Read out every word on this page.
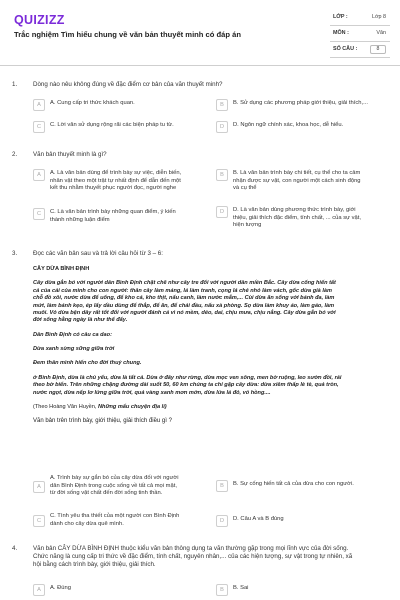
QUIZIZZ
Trắc nghiệm Tìm hiểu chung về văn bản thuyết minh có đáp án
LỚP :	Lớp 8
MÔN :	Văn
SỐ CÂU :	8
1.	Dòng nào nêu không đúng về đặc điểm cơ bản của văn thuyết minh?
A	A. Cung cấp tri thức khách quan.	B	B. Sử dụng các phương pháp giới thiệu, giải thích,...
C	C. Lời văn sử dụng rộng rãi các biện pháp tu từ.	D	D. Ngôn ngữ chính xác, khoa học, dễ hiểu.
2.	Văn bản thuyết minh là gì?
A	A. Là văn bản dùng để trình bày sự việc, diễn biến,
nhân vật theo một trật tự nhất định để dẫn đến một
kết thu nhằm thuyết phục người đọc, người nghe
B	B. Là văn bản trình bày chi tiết, cụ thể cho ta cảm
nhận được sự vật, con người một cách sinh động
và cụ thể
C	C. Là văn bản trình bày những quan điểm, ý kiến
thành những luận điểm
D	D. Là văn bản dùng phương thức trình bày, giới
thiệu, giải thích đặc điểm, tính chất, ... của sự vật,
hiện tượng
3.	Đọc các văn bản sau và trả lời câu hỏi từ 3 – 6:
CÂY DỪA BÌNH ĐỊNH
Cây dừa gắn bó với người dân Bình Định chặt chẽ như cây tre đối với người dân miền Bắc. Cây dừa cống hiến tất
cả của cải của mình cho con người: thân cây làm máng, lá làm tranh, cọng lá chẻ nhỏ làm vách, gốc dừa già làm
chỗ đồ xôi, nước dừa để uống, để kho cá, kho thịt, nấu canh, làm nước mắm,... Cùi dừa ăn sống với bánh đa, làm
mứt, làm bánh kẹo, ép lấy dầu dùng để thắp, để ăn, để chải đầu, nấu xà phòng. Sọ dừa làm khuy áo, làm gáo, làm
muôi. Vỏ dừa bện dây rất tốt đối với người đánh cá vì nó mềm, dẻo, dai, chịu mưa, chịu nắng. Cây dừa gắn bó với
đời sống hằng ngày là như thế đấy.
Dân Bình Định có câu ca dao:
Dừa xanh sừng sững giữa trời
Đem thân mình hiến cho đời thuỷ chung.
ở Bình Định, dừa là chủ yếu, dừa là tất cả. Dừa ở đây như rừng, dừa mọc ven sông, men bờ ruộng, leo sườn đồi, rải
theo bờ biển. Trên những chặng đường dài suốt 50, 60 km chúng ta chỉ gặp cây dừa: dừa xiêm thấp lè tè, quả tròn,
nước ngọt, dừa nếp lơ lửng giữa trời, quả vàng xanh mơn mởn, dừa lửa lá đỏ, vỏ hồng....
(Theo Hoàng Văn Huyền, Những mẩu chuyện địa lí)
Văn bản trên trình bày, giới thiệu, giải thích điều gì ?
A
A. Trình bày sự gắn bó của cây dừa đối với người
dân Bình Định trong cuộc sống về tất cả mọi mặt,
từ đời sống vật chất đến đời sống tinh thần.
B	B. Sự cống hiến tất cả của dừa cho con người.
C
C. Tình yêu tha thiết của một người con Bình Định
dành cho cây dừa quê mình.	D	D. Câu A và B đúng
4.	Văn bản CÂY DỪA BÌNH ĐỊNH thuộc kiểu văn bản thông dụng ta văn thường gặp trong mọi lĩnh vực của đời sống.
Chức năng là cung cấp tri thức về đặc điểm, tính chất, nguyên nhân,... của các hiện tượng, sự vật trong tự nhiên, xã
hội bằng cách trình bày, giới thiệu, giải thích.
A	A. Đúng	B	B. Sai
